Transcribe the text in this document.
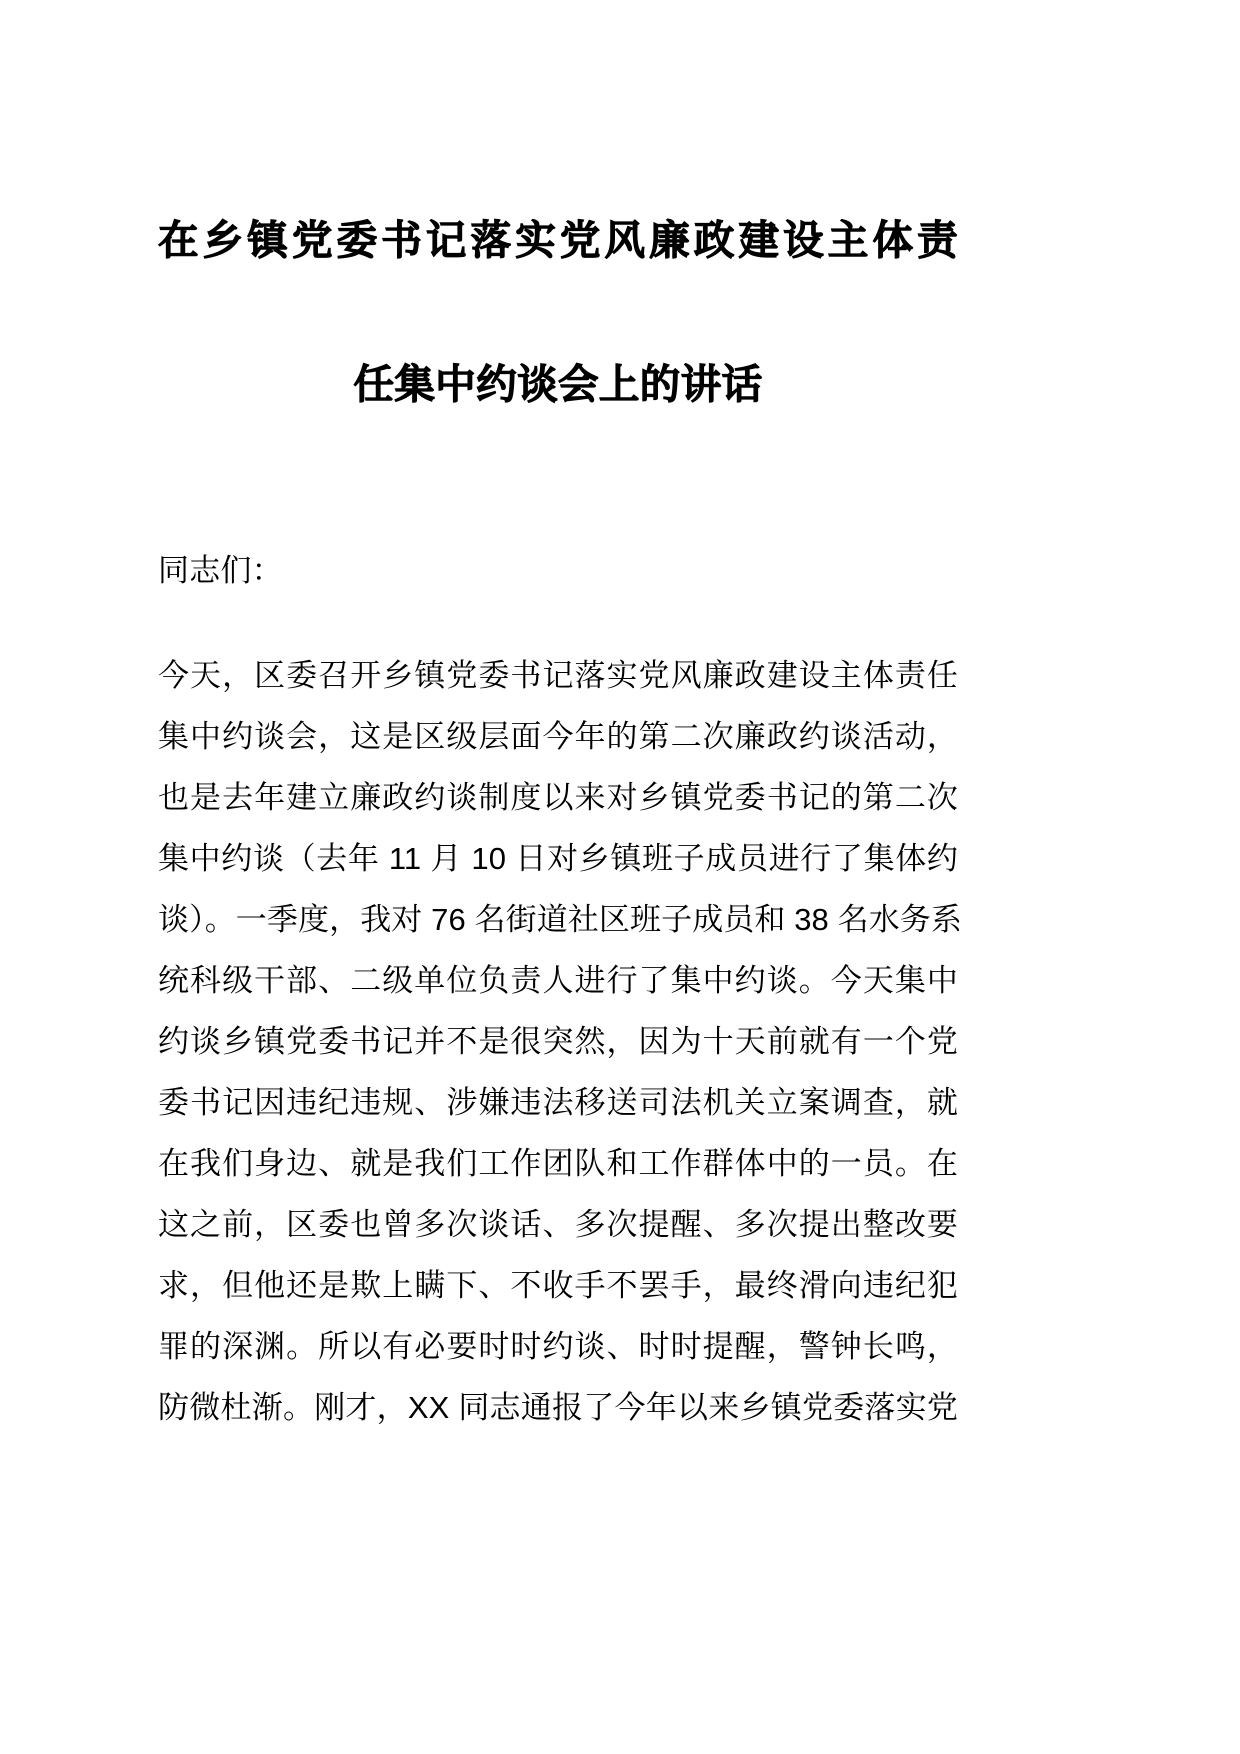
在乡镇党委书记落实党风廉政建设主体责
任集中约谈会上的讲话

同志们：

今天，区委召开乡镇党委书记落实党风廉政建设主体责任
集中约谈会，这是区级层面今年的第二次廉政约谈活动，
也是去年建立廉政约谈制度以来对乡镇党委书记的第二次
集中约谈（去年 11 月 10 日对乡镇班子成员进行了集体约
谈）。一季度，我对 76 名街道社区班子成员和 38 名水务系
统科级干部、二级单位负责人进行了集中约谈。今天集中
约谈乡镇党委书记并不是很突然，因为十天前就有一个党
委书记因违纪违规、涉嫌违法移送司法机关立案调查，就
在我们身边、就是我们工作团队和工作群体中的一员。在
这之前，区委也曾多次谈话、多次提醒、多次提出整改要
求，但他还是欺上瞒下、不收手不罢手，最终滑向违纪犯
罪的深渊。所以有必要时时约谈、时时提醒，警钟长鸣，
防微杜渐。刚才，XX 同志通报了今年以来乡镇党委落实党
